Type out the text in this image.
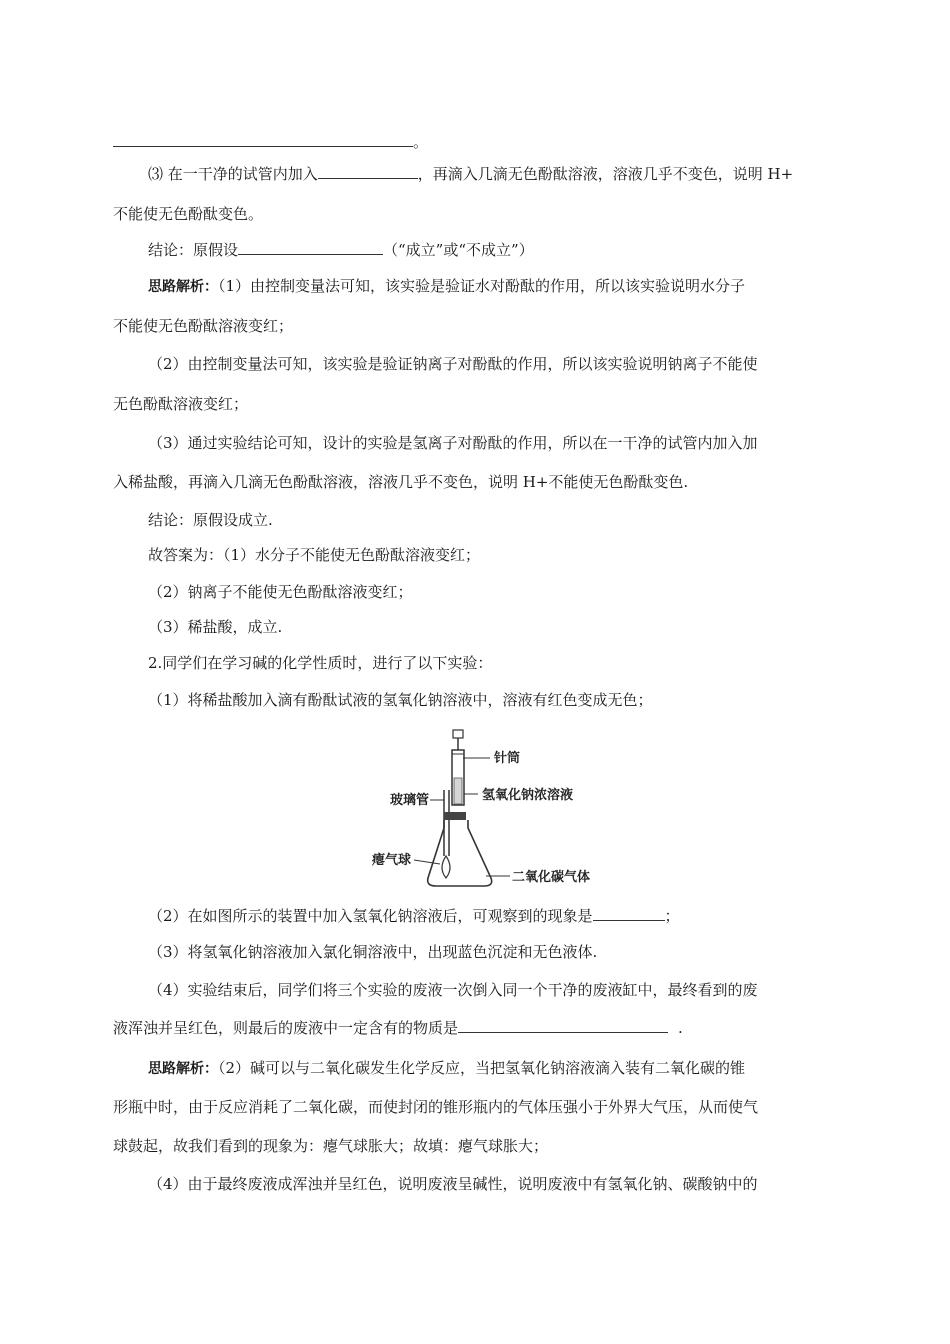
。
⑶ 在一干净的试管内加入	，再滴入几滴无色酚酞溶液，溶液几乎不变色，说明 H+
不能使无色酚酞变色。
结论：原假设	（“成立”或“不成立”）
思路解析：（1）由控制变量法可知，该实验是验证水对酚酞的作用，所以该实验说明水分子
不能使无色酚酞溶液变红；
（2）由控制变量法可知，该实验是验证钠离子对酚酞的作用，所以该实验说明钠离子不能使
无色酚酞溶液变红；
（3）通过实验结论可知，设计的实验是氢离子对酚酞的作用，所以在一干净的试管内加入加
入稀盐酸，再滴入几滴无色酚酞溶液，溶液几乎不变色，说明 H+不能使无色酚酞变色.
结论：原假设成立.
故答案为：（1）水分子不能使无色酚酞溶液变红；
（2）钠离子不能使无色酚酞溶液变红；
（3）稀盐酸，成立.
2.同学们在学习碱的化学性质时，进行了以下实验：
（1）将稀盐酸加入滴有酚酞试液的氢氧化钠溶液中，溶液有红色变成无色；
针筒
氢氧化钠浓溶液
玻璃管
瘪气球
二氧化碳气体
（2）在如图所示的装置中加入氢氧化钠溶液后，可观察到的现象是	；
（3）将氢氧化钠溶液加入氯化铜溶液中，出现蓝色沉淀和无色液体.
（4）实验结束后，同学们将三个实验的废液一次倒入同一个干净的废液缸中，最终看到的废
液浑浊并呈红色，则最后的废液中一定含有的物质是	.
思路解析：（2）碱可以与二氧化碳发生化学反应，当把氢氧化钠溶液滴入装有二氧化碳的锥
形瓶中时，由于反应消耗了二氧化碳，而使封闭的锥形瓶内的气体压强小于外界大气压，从而使气
球鼓起，故我们看到的现象为：瘪气球胀大；故填：瘪气球胀大；
（4）由于最终废液成浑浊并呈红色，说明废液呈碱性，说明废液中有氢氧化钠、碳酸钠中的
